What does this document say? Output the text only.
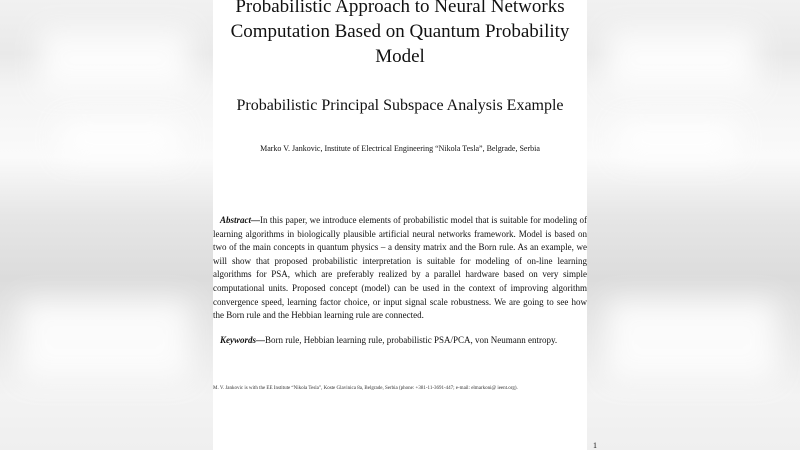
Probabilistic Approach to Neural Networks
Computation Based on Quantum Probability
Model
Probabilistic Principal Subspace Analysis Example
Marko V. Jankovic, Institute of Electrical Engineering “Nikola Tesla”, Belgrade, Serbia
Abstract—In this paper, we introduce elements of probabilistic model that is suitable for modeling of learning algorithms in biologically plausible artificial neural networks framework. Model is based on two of the main concepts in quantum physics – a density matrix and the Born rule. As an example, we will show that proposed probabilistic interpretation is suitable for modeling of on-line learning algorithms for PSA, which are preferably realized by a parallel hardware based on very simple computational units. Proposed concept (model) can be used in the context of improving algorithm convergence speed, learning factor choice, or input signal scale robustness. We are going to see how the Born rule and the Hebbian learning rule are connected.
Keywords—Born rule, Hebbian learning rule, probabilistic PSA/PCA, von Neumann entropy.
M. V. Jankovic is with the EE Institute “Nikola Tesla”, Koste Glavinica 8a, Belgrade, Serbia (phone: +381-11-3691-447; e-mail: elmarkoni@ ieent.org).
1
